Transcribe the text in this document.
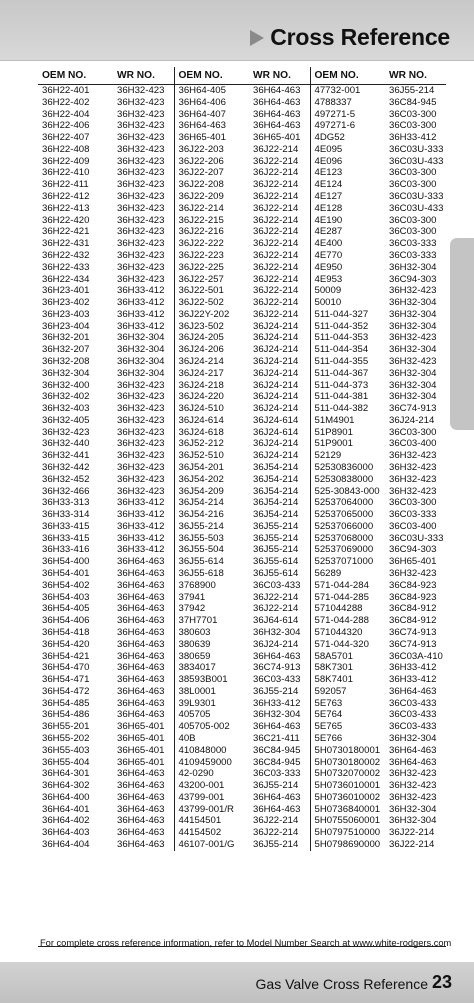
Cross Reference
OEM NO.	WR NO.	OEM NO.	WR NO.	OEM NO.	WR NO.
36H22-401	36H32-423	36H64-405	36H64-463	47732-001	36J55-214
36H22-402	36H32-423	36H64-406	36H64-463	4788337	36C84-945
36H22-404	36H32-423	36H64-407	36H64-463	497271-5	36C03-300
36H22-406	36H32-423	36H64-463	36H64-463	497271-6	36C03-300
36H22-407	36H32-423	36H65-401	36H65-401	4DG52	36H33-412
36H22-408	36H32-423	36J22-203	36J22-214	4E095	36C03U-333
36H22-409	36H32-423	36J22-206	36J22-214	4E096	36C03U-433
36H22-410	36H32-423	36J22-207	36J22-214	4E123	36C03-300
36H22-411	36H32-423	36J22-208	36J22-214	4E124	36C03-300
36H22-412	36H32-423	36J22-209	36J22-214	4E127	36C03U-333
36H22-413	36H32-423	36J22-214	36J22-214	4E128	36C03U-433
36H22-420	36H32-423	36J22-215	36J22-214	4E190	36C03-300
36H22-421	36H32-423	36J22-216	36J22-214	4E287	36C03-300
36H22-431	36H32-423	36J22-222	36J22-214	4E400	36C03-333
36H22-432	36H32-423	36J22-223	36J22-214	4E770	36C03-333
36H22-433	36H32-423	36J22-225	36J22-214	4E950	36H32-304
36H22-434	36H32-423	36J22-257	36J22-214	4E953	36C94-303
36H23-401	36H33-412	36J22-501	36J22-214	50009	36H32-423
36H23-402	36H33-412	36J22-502	36J22-214	50010	36H32-304
36H23-403	36H33-412	36J22Y-202	36J22-214	511-044-327	36H32-304
36H23-404	36H33-412	36J23-502	36J24-214	511-044-352	36H32-304
36H32-201	36H32-304	36J24-205	36J24-214	511-044-353	36H32-423
36H32-207	36H32-304	36J24-206	36J24-214	511-044-354	36H32-304
36H32-208	36H32-304	36J24-214	36J24-214	511-044-355	36H32-423
36H32-304	36H32-304	36J24-217	36J24-214	511-044-367	36H32-304
36H32-400	36H32-423	36J24-218	36J24-214	511-044-373	36H32-304
36H32-402	36H32-423	36J24-220	36J24-214	511-044-381	36H32-304
36H32-403	36H32-423	36J24-510	36J24-214	511-044-382	36C74-913
36H32-405	36H32-423	36J24-614	36J24-614	51M4901	36J24-214
36H32-423	36H32-423	36J24-618	36J24-614	51P8901	36C03-300
36H32-440	36H32-423	36J52-212	36J24-214	51P9001	36C03-400
36H32-441	36H32-423	36J52-510	36J24-214	52129	36H32-423
36H32-442	36H32-423	36J54-201	36J54-214	52530836000	36H32-423
36H32-452	36H32-423	36J54-202	36J54-214	52530838000	36H32-423
36H32-466	36H32-423	36J54-209	36J54-214	525-30843-000	36H32-423
36H33-313	36H33-412	36J54-214	36J54-214	52537064000	36C03-300
36H33-314	36H33-412	36J54-216	36J54-214	52537065000	36C03-333
36H33-415	36H33-412	36J55-214	36J55-214	52537066000	36C03-400
36H33-415	36H33-412	36J55-503	36J55-214	52537068000	36C03U-333
36H33-416	36H33-412	36J55-504	36J55-214	52537069000	36C94-303
36H54-400	36H64-463	36J55-614	36J55-614	52537071000	36H65-401
36H54-401	36H64-463	36J55-618	36J55-614	56289	36H32-423
36H54-402	36H64-463	3768900	36C03-433	571-044-284	36C84-923
36H54-403	36H64-463	37941	36J22-214	571-044-285	36C84-923
36H54-405	36H64-463	37942	36J22-214	571044288	36C84-912
36H54-406	36H64-463	37H7701	36J64-614	571-044-288	36C84-912
36H54-418	36H64-463	380603	36H32-304	571044320	36C74-913
36H54-420	36H64-463	380639	36J24-214	571-044-320	36C74-913
36H54-421	36H64-463	380659	36H64-463	58A5701	36C03A-410
36H54-470	36H64-463	3834017	36C74-913	58K7301	36H33-412
36H54-471	36H64-463	38593B001	36C03-433	58K7401	36H33-412
36H54-472	36H64-463	38L0001	36J55-214	592057	36H64-463
36H54-485	36H64-463	39L9301	36H33-412	5E763	36C03-433
36H54-486	36H64-463	405705	36H32-304	5E764	36C03-433
36H55-201	36H65-401	405705-002	36H64-463	5E765	36C03-433
36H55-202	36H65-401	40B	36C21-411	5E766	36H32-304
36H55-403	36H65-401	410848000	36C84-945	5H0730180001	36H64-463
36H55-404	36H65-401	4109459000	36C84-945	5H0730180002	36H64-463
36H64-301	36H64-463	42-0290	36C03-333	5H0732070002	36H32-423
36H64-302	36H64-463	43200-001	36J55-214	5H0736010001	36H32-423
36H64-400	36H64-463	43799-001	36H64-463	5H0736010002	36H32-423
36H64-401	36H64-463	43799-001/R	36H64-463	5H0736840001	36H32-304
36H64-402	36H64-463	44154501	36J22-214	5H0755060001	36H32-304
36H64-403	36H64-463	44154502	36J22-214	5H0797510000	36J22-214
36H64-404	36H64-463	46107-001/G	36J55-214	5H0798690000	36J22-214
For complete cross reference information, refer to Model Number Search at www.white-rodgers.com
Gas Valve Cross Reference 23
